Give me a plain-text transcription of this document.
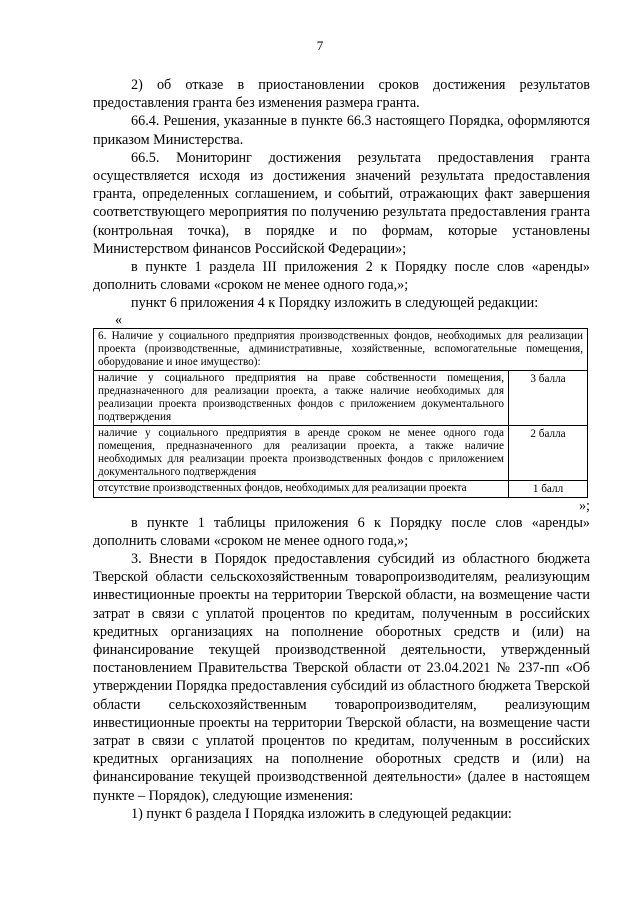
7

2) об отказе в приостановлении сроков достижения результатов предоставления гранта без изменения размера гранта.

66.4. Решения, указанные в пункте 66.3 настоящего Порядка, оформляются приказом Министерства.

66.5. Мониторинг достижения результата предоставления гранта осуществляется исходя из достижения значений результата предоставления гранта, определенных соглашением, и событий, отражающих факт завершения соответствующего мероприятия по получению результата предоставления гранта (контрольная точка), в порядке и по формам, которые установлены Министерством финансов Российской Федерации»;

в пункте 1 раздела III приложения 2 к Порядку после слов «аренды» дополнить словами «сроком не менее одного года,»;

пункт 6 приложения 4 к Порядку изложить в следующей редакции:

«

6. Наличие у социального предприятия производственных фондов, необходимых для реализации проекта (производственные, административные, хозяйственные, вспомогательные помещения, оборудование и иное имущество):	
наличие у социального предприятия на праве собственности помещения, предназначенного для реализации проекта, а также наличие необходимых для реализации проекта производственных фондов с приложением документального подтверждения	3 балла
наличие у социального предприятия в аренде сроком не менее одного года помещения, предназначенного для реализации проекта, а также наличие необходимых для реализации проекта производственных фондов с приложением документального подтверждения	2 балла
отсутствие производственных фондов, необходимых для реализации проекта	1 балл

»;

в пункте 1 таблицы приложения 6 к Порядку после слов «аренды» дополнить словами «сроком не менее одного года,»;

3. Внести в Порядок предоставления субсидий из областного бюджета Тверской области сельскохозяйственным товаропроизводителям, реализующим инвестиционные проекты на территории Тверской области, на возмещение части затрат в связи с уплатой процентов по кредитам, полученным в российских кредитных организациях на пополнение оборотных средств и (или) на финансирование текущей производственной деятельности, утвержденный постановлением Правительства Тверской области от 23.04.2021 № 237-пп «Об утверждении Порядка предоставления субсидий из областного бюджета Тверской области сельскохозяйственным товаропроизводителям, реализующим инвестиционные проекты на территории Тверской области, на возмещение части затрат в связи с уплатой процентов по кредитам, полученным в российских кредитных организациях на пополнение оборотных средств и (или) на финансирование текущей производственной деятельности» (далее в настоящем пункте – Порядок), следующие изменения:

1) пункт 6 раздела I Порядка изложить в следующей редакции:
